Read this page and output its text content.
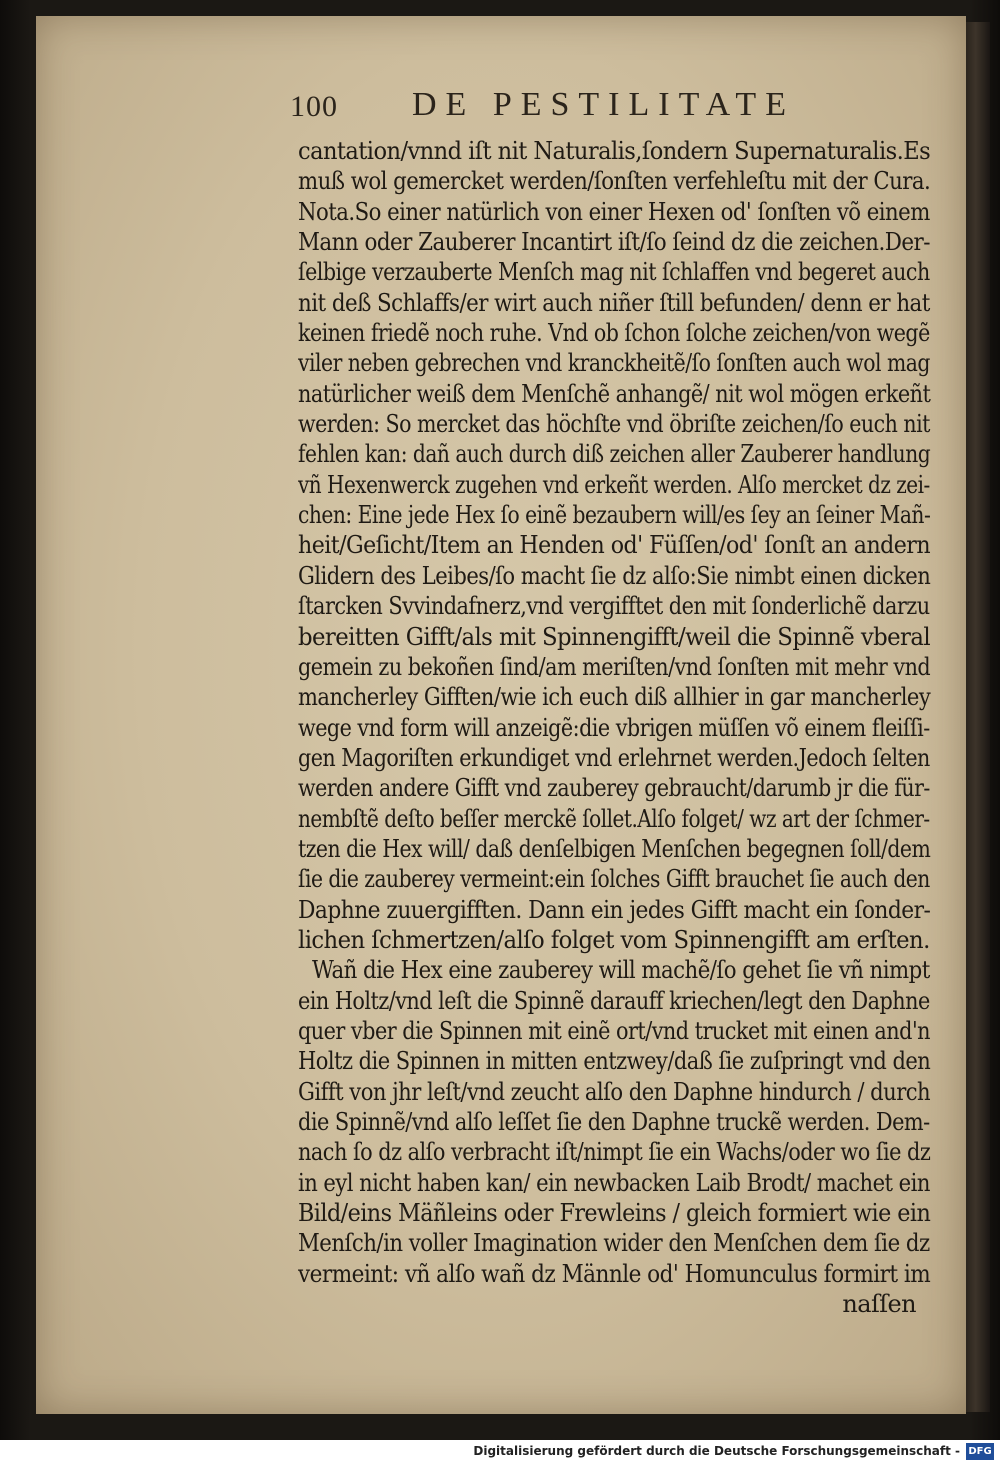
100 DE PESTILITATE
cantation/vnnd iſt nit Naturalis,ſondern Supernaturalis.Es
muß wol gemercket werden/ſonſten verfehleſtu mit der Cura.
Nota.So einer natürlich von einer Hexen od' ſonſten võ einem
Mann oder Zauberer Incantirt iſt/ſo ſeind dz die zeichen.Der-
ſelbige verzauberte Menſch mag nit ſchlaffen vnd begeret auch
nit deß Schlaffs/er wirt auch niñer ſtill befunden/ denn er hat
keinen friedẽ noch ruhe. Vnd ob ſchon ſolche zeichen/von wegẽ
viler neben gebrechen vnd kranckheitẽ/ſo ſonſten auch wol mag
natürlicher weiß dem Menſchẽ anhangẽ/ nit wol mögen erkeñt
werden: So mercket das höchſte vnd öbriſte zeichen/ſo euch nit
fehlen kan: dañ auch durch diß zeichen aller Zauberer handlung
vñ Hexenwerck zugehen vnd erkeñt werden. Alſo mercket dz zei-
chen: Eine jede Hex ſo einẽ bezaubern will/es ſey an ſeiner Mañ-
heit/Geſicht/Item an Henden od' Füſſen/od' ſonſt an andern
Glidern des Leibes/ſo macht ſie dz alſo:Sie nimbt einen dicken
ſtarcken Svvindafnerz,vnd vergifftet den mit ſonderlichẽ darzu
bereitten Gifft/als mit Spinnengifft/weil die Spinnẽ vberal
gemein zu bekoñen ſind/am meriſten/vnd ſonſten mit mehr vnd
mancherley Gifften/wie ich euch diß allhier in gar mancherley
wege vnd form will anzeigẽ:die vbrigen müſſen võ einem fleiſſi-
gen Magoriſten erkundiget vnd erlehrnet werden.Jedoch ſelten
werden andere Gifft vnd zauberey gebraucht/darumb jr die für-
nembſtẽ deſto beſſer merckẽ ſollet.Alſo folget/ wz art der ſchmer-
tzen die Hex will/ daß denſelbigen Menſchen begegnen ſoll/dem
ſie die zauberey vermeint:ein ſolches Gifft brauchet ſie auch den
Daphne zuuergifften. Dann ein jedes Gifft macht ein ſonder-
lichen ſchmertzen/alſo folget vom Spinnengifft am erſten.
Wañ die Hex eine zauberey will machẽ/ſo gehet ſie vñ nimpt
ein Holtz/vnd leſt die Spinnẽ darauff kriechen/legt den Daphne
quer vber die Spinnen mit einẽ ort/vnd trucket mit einen and'n
Holtz die Spinnen in mitten entzwey/daß ſie zuſpringt vnd den
Gifft von jhr leſt/vnd zeucht alſo den Daphne hindurch / durch
die Spinnẽ/vnd alſo leſſet ſie den Daphne truckẽ werden. Dem-
nach ſo dz alſo verbracht iſt/nimpt ſie ein Wachs/oder wo ſie dz
in eyl nicht haben kan/ ein newbacken Laib Brodt/ machet ein
Bild/eins Mäñleins oder Frewleins / gleich formiert wie ein
Menſch/in voller Imagination wider den Menſchen dem ſie dz
vermeint: vñ alſo wañ dz Männle od' Homunculus formirt im
naſſen
Digitalisierung gefördert durch die Deutsche Forschungsgemeinschaft - DFG
